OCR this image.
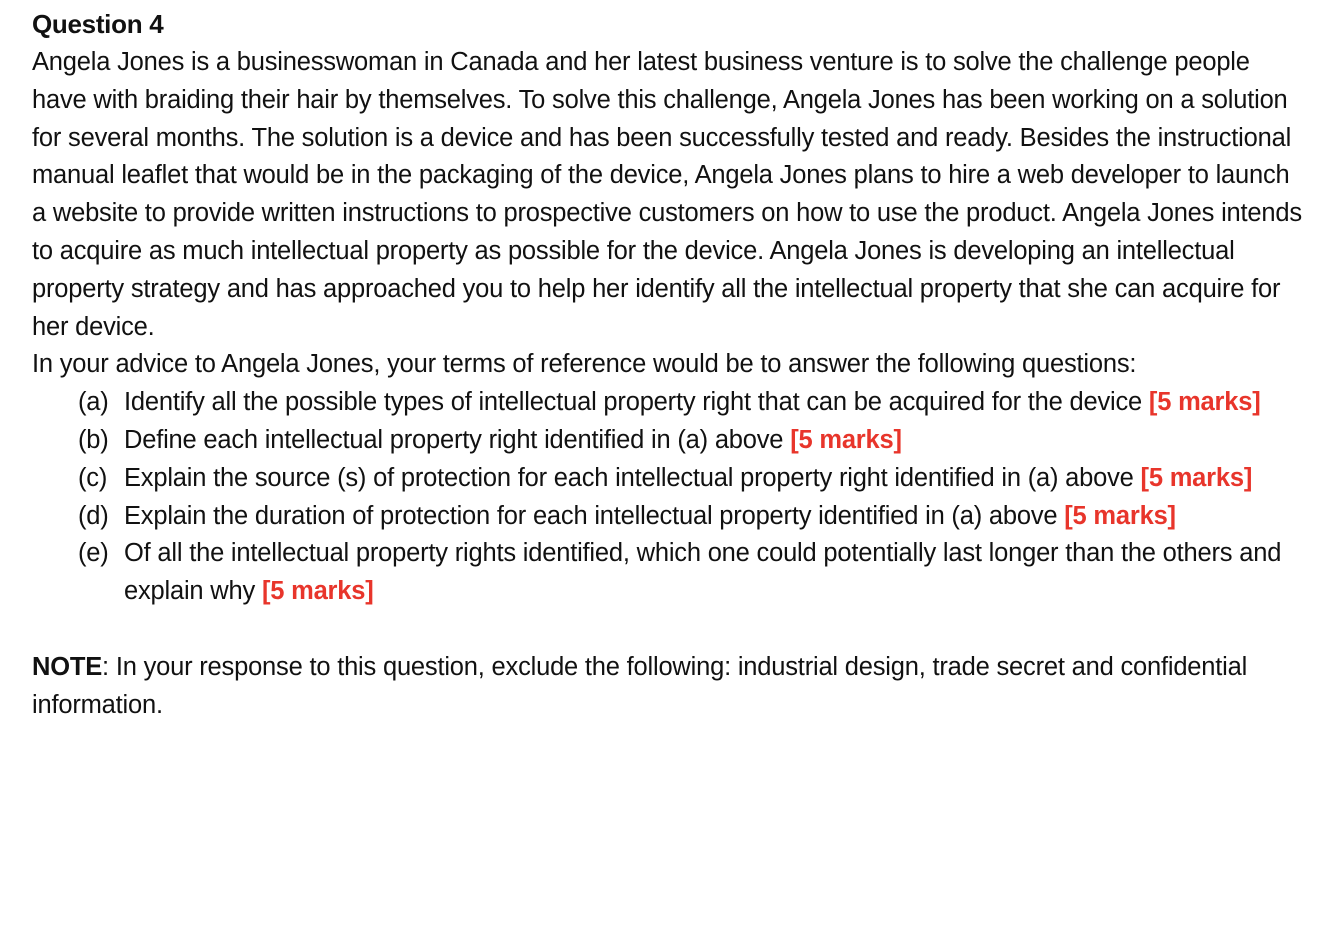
Question 4
Angela Jones is a businesswoman in Canada and her latest business venture is to solve the challenge people have with braiding their hair by themselves. To solve this challenge, Angela Jones has been working on a solution for several months. The solution is a device and has been successfully tested and ready. Besides the instructional manual leaflet that would be in the packaging of the device, Angela Jones plans to hire a web developer to launch a website to provide written instructions to prospective customers on how to use the product. Angela Jones intends to acquire as much intellectual property as possible for the device. Angela Jones is developing an intellectual property strategy and has approached you to help her identify all the intellectual property that she can acquire for her device.
In your advice to Angela Jones, your terms of reference would be to answer the following questions:
(a) Identify all the possible types of intellectual property right that can be acquired for the device [5 marks]
(b) Define each intellectual property right identified in (a) above [5 marks]
(c) Explain the source (s) of protection for each intellectual property right identified in (a) above [5 marks]
(d) Explain the duration of protection for each intellectual property identified in (a) above [5 marks]
(e) Of all the intellectual property rights identified, which one could potentially last longer than the others and explain why [5 marks]
NOTE: In your response to this question, exclude the following: industrial design, trade secret and confidential information.
